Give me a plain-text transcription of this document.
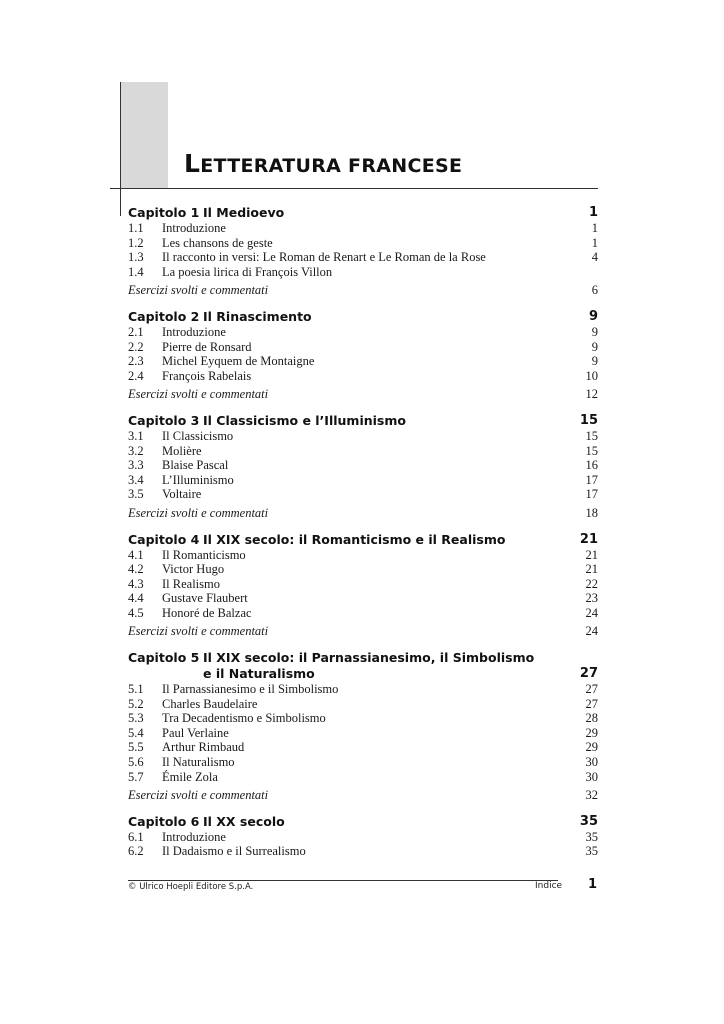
LETTERATURA FRANCESE
Capitolo 1 Il Medioevo	1
1.1	Introduzione	1
1.2	Les chansons de geste	1
1.3	Il racconto in versi: Le Roman de Renart e Le Roman de la Rose	4
1.4	La poesia lirica di François Villon
Esercizi svolti e commentati	6
Capitolo 2 Il Rinascimento	9
2.1	Introduzione	9
2.2	Pierre de Ronsard	9
2.3	Michel Eyquem de Montaigne	9
2.4	François Rabelais	10
Esercizi svolti e commentati	12
Capitolo 3 Il Classicismo e l’Illuminismo	15
3.1	Il Classicismo	15
3.2	Molière	15
3.3	Blaise Pascal	16
3.4	L’Illuminismo	17
3.5	Voltaire	17
Esercizi svolti e commentati	18
Capitolo 4 Il XIX secolo: il Romanticismo e il Realismo	21
4.1	Il Romanticismo	21
4.2	Victor Hugo	21
4.3	Il Realismo	22
4.4	Gustave Flaubert	23
4.5	Honoré de Balzac	24
Esercizi svolti e commentati	24
Capitolo 5 Il XIX secolo: il Parnassianesimo, il Simbolismo
e il Naturalismo	27
5.1	Il Parnassianesimo e il Simbolismo	27
5.2	Charles Baudelaire	27
5.3	Tra Decadentismo e Simbolismo	28
5.4	Paul Verlaine	29
5.5	Arthur Rimbaud	29
5.6	Il Naturalismo	30
5.7	Émile Zola	30
Esercizi svolti e commentati	32
Capitolo 6 Il XX secolo	35
6.1	Introduzione	35
6.2	Il Dadaismo e il Surrealismo	35
© Ulrico Hoepli Editore S.p.A.	Indice 1
